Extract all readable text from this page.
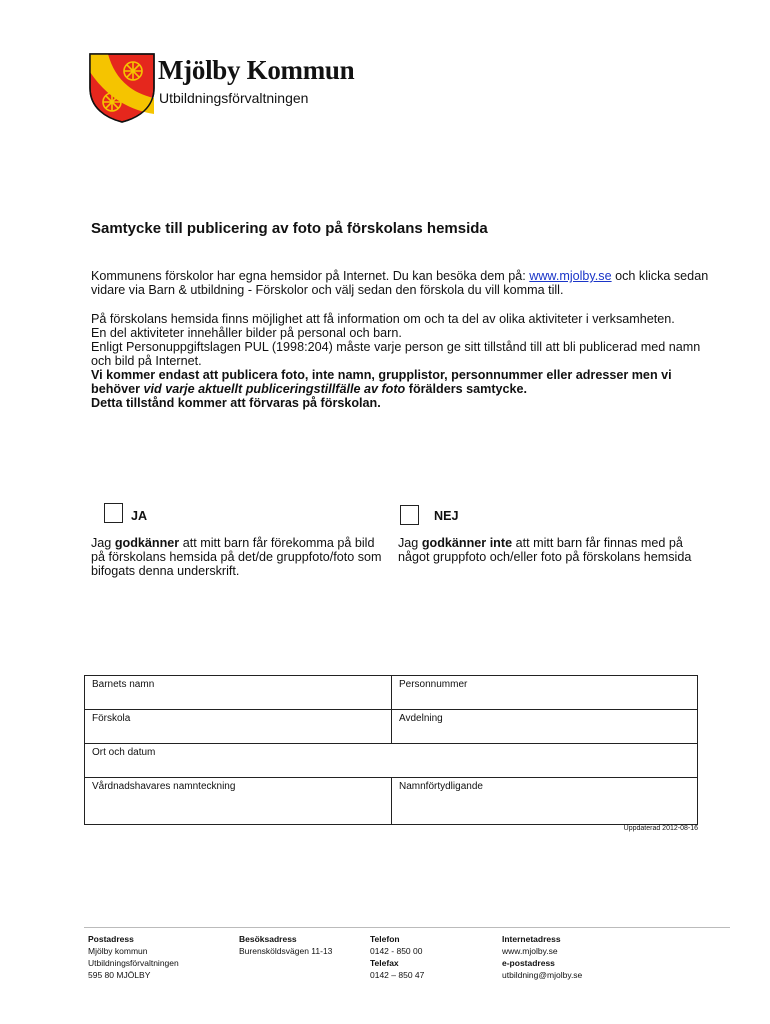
Mjölby Kommun
Utbildningsförvaltningen
Samtycke till publicering av foto på förskolans hemsida

Kommunens förskolor har egna hemsidor på Internet. Du kan besöka dem på: www.mjolby.se och klicka sedan vidare via Barn & utbildning - Förskolor och välj sedan den förskola du vill komma till.

På förskolans hemsida finns möjlighet att få information om och ta del av olika aktiviteter i verksamheten.

En del aktiviteter innehåller bilder på personal och barn.

Enligt Personuppgiftslagen PUL (1998:204) måste varje person ge sitt tillstånd till att bli publicerad med namn och bild på Internet.

Vi kommer endast att publicera foto, inte namn, grupplistor, personnummer eller adresser men vi behöver vid varje aktuellt publiceringstillfälle av foto förälders samtycke.

Detta tillstånd kommer att förvaras på förskolan.

JA
Jag godkänner att mitt barn får förekomma på bild på förskolans hemsida på det/de gruppfoto/foto som bifogats denna underskrift.
NEJ
Jag godkänner inte att mitt barn får finnas med på något gruppfoto och/eller foto på förskolans hemsida
Barnets namn	Personnummer
Förskola	Avdelning
Ort och datum
Vårdnadshavares namnteckning	Namnförtydligande
Uppdaterad 2012-08-16
Postadress
Mjölby kommun
Utbildningsförvaltningen
595 80 MJÖLBY
Besöksadress
Burensköldsvägen 11-13
Telefon
0142 - 850 00
Telefax
0142 – 850 47
Internetadress
www.mjolby.se
e-postadress
utbildning@mjolby.se
